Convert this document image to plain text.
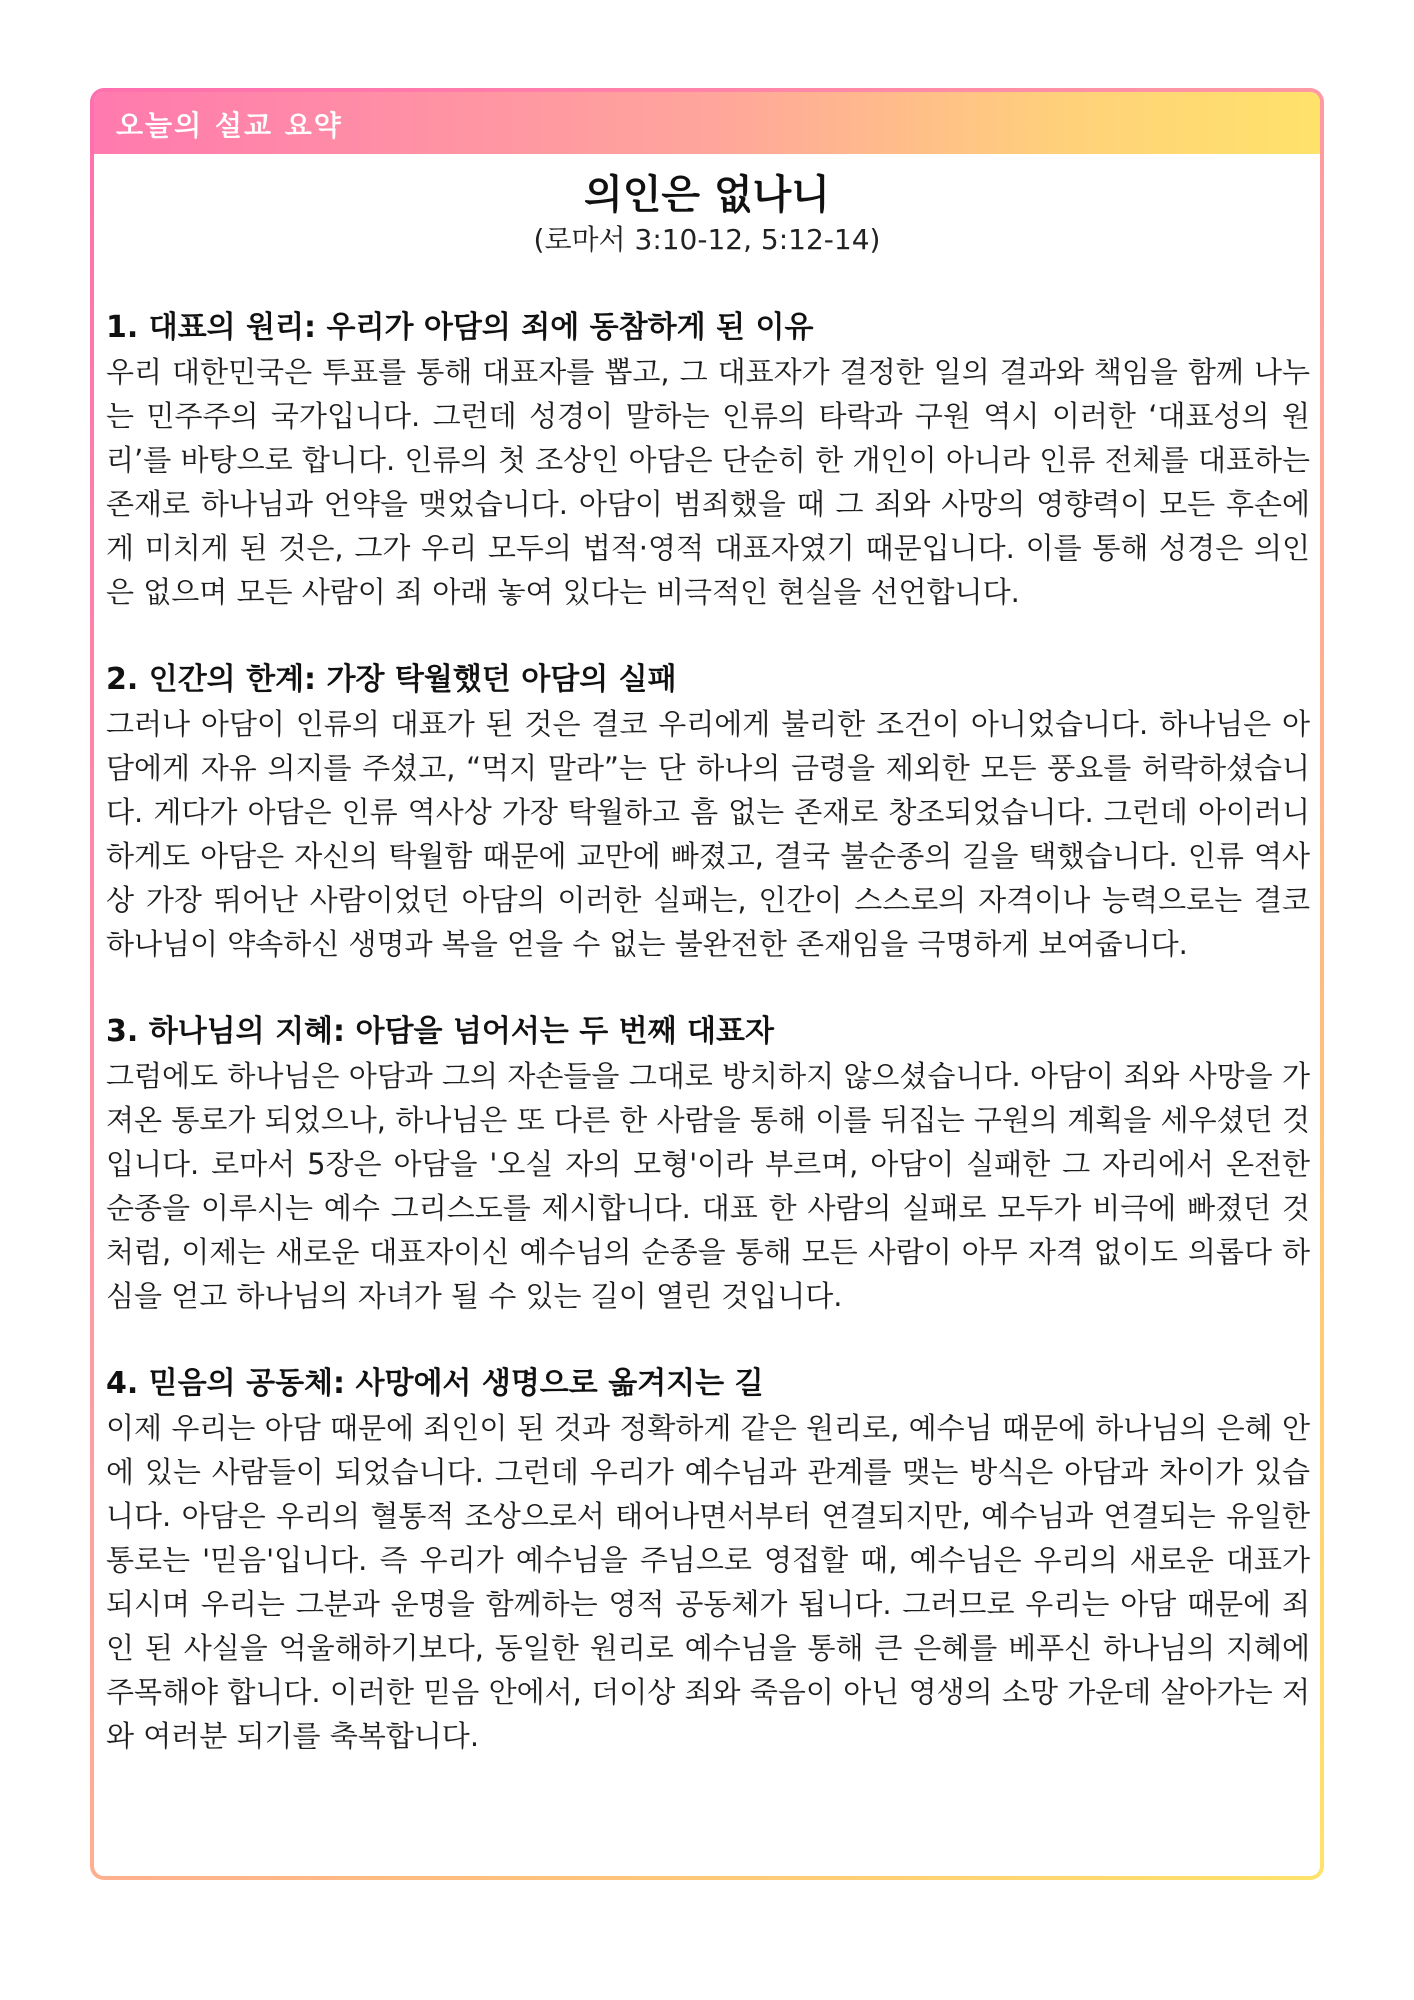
오늘의 설교 요약
의인은 없나니
(로마서 3:10-12, 5:12-14)
1. 대표의 원리: 우리가 아담의 죄에 동참하게 된 이유
우리 대한민국은 투표를 통해 대표자를 뽑고, 그 대표자가 결정한 일의 결과와 책임을 함께 나누는 민주주의 국가입니다. 그런데 성경이 말하는 인류의 타락과 구원 역시 이러한 ‘대표성의 원리’를 바탕으로 합니다. 인류의 첫 조상인 아담은 단순히 한 개인이 아니라 인류 전체를 대표하는 존재로 하나님과 언약을 맺었습니다. 아담이 범죄했을 때 그 죄와 사망의 영향력이 모든 후손에게 미치게 된 것은, 그가 우리 모두의 법적·영적 대표자였기 때문입니다. 이를 통해 성경은 의인은 없으며 모든 사람이 죄 아래 놓여 있다는 비극적인 현실을 선언합니다.
2. 인간의 한계: 가장 탁월했던 아담의 실패
그러나 아담이 인류의 대표가 된 것은 결코 우리에게 불리한 조건이 아니었습니다. 하나님은 아담에게 자유 의지를 주셨고, “먹지 말라”는 단 하나의 금령을 제외한 모든 풍요를 허락하셨습니다. 게다가 아담은 인류 역사상 가장 탁월하고 흠 없는 존재로 창조되었습니다. 그런데 아이러니하게도 아담은 자신의 탁월함 때문에 교만에 빠졌고, 결국 불순종의 길을 택했습니다. 인류 역사상 가장 뛰어난 사람이었던 아담의 이러한 실패는, 인간이 스스로의 자격이나 능력으로는 결코 하나님이 약속하신 생명과 복을 얻을 수 없는 불완전한 존재임을 극명하게 보여줍니다.
3. 하나님의 지혜: 아담을 넘어서는 두 번째 대표자
그럼에도 하나님은 아담과 그의 자손들을 그대로 방치하지 않으셨습니다. 아담이 죄와 사망을 가져온 통로가 되었으나, 하나님은 또 다른 한 사람을 통해 이를 뒤집는 구원의 계획을 세우셨던 것입니다. 로마서 5장은 아담을 '오실 자의 모형'이라 부르며, 아담이 실패한 그 자리에서 온전한 순종을 이루시는 예수 그리스도를 제시합니다. 대표 한 사람의 실패로 모두가 비극에 빠졌던 것처럼, 이제는 새로운 대표자이신 예수님의 순종을 통해 모든 사람이 아무 자격 없이도 의롭다 하심을 얻고 하나님의 자녀가 될 수 있는 길이 열린 것입니다.
4. 믿음의 공동체: 사망에서 생명으로 옮겨지는 길
이제 우리는 아담 때문에 죄인이 된 것과 정확하게 같은 원리로, 예수님 때문에 하나님의 은혜 안에 있는 사람들이 되었습니다. 그런데 우리가 예수님과 관계를 맺는 방식은 아담과 차이가 있습니다. 아담은 우리의 혈통적 조상으로서 태어나면서부터 연결되지만, 예수님과 연결되는 유일한 통로는 '믿음'입니다. 즉 우리가 예수님을 주님으로 영접할 때, 예수님은 우리의 새로운 대표가 되시며 우리는 그분과 운명을 함께하는 영적 공동체가 됩니다. 그러므로 우리는 아담 때문에 죄인 된 사실을 억울해하기보다, 동일한 원리로 예수님을 통해 큰 은혜를 베푸신 하나님의 지혜에 주목해야 합니다. 이러한 믿음 안에서, 더이상 죄와 죽음이 아닌 영생의 소망 가운데 살아가는 저와 여러분 되기를 축복합니다.
